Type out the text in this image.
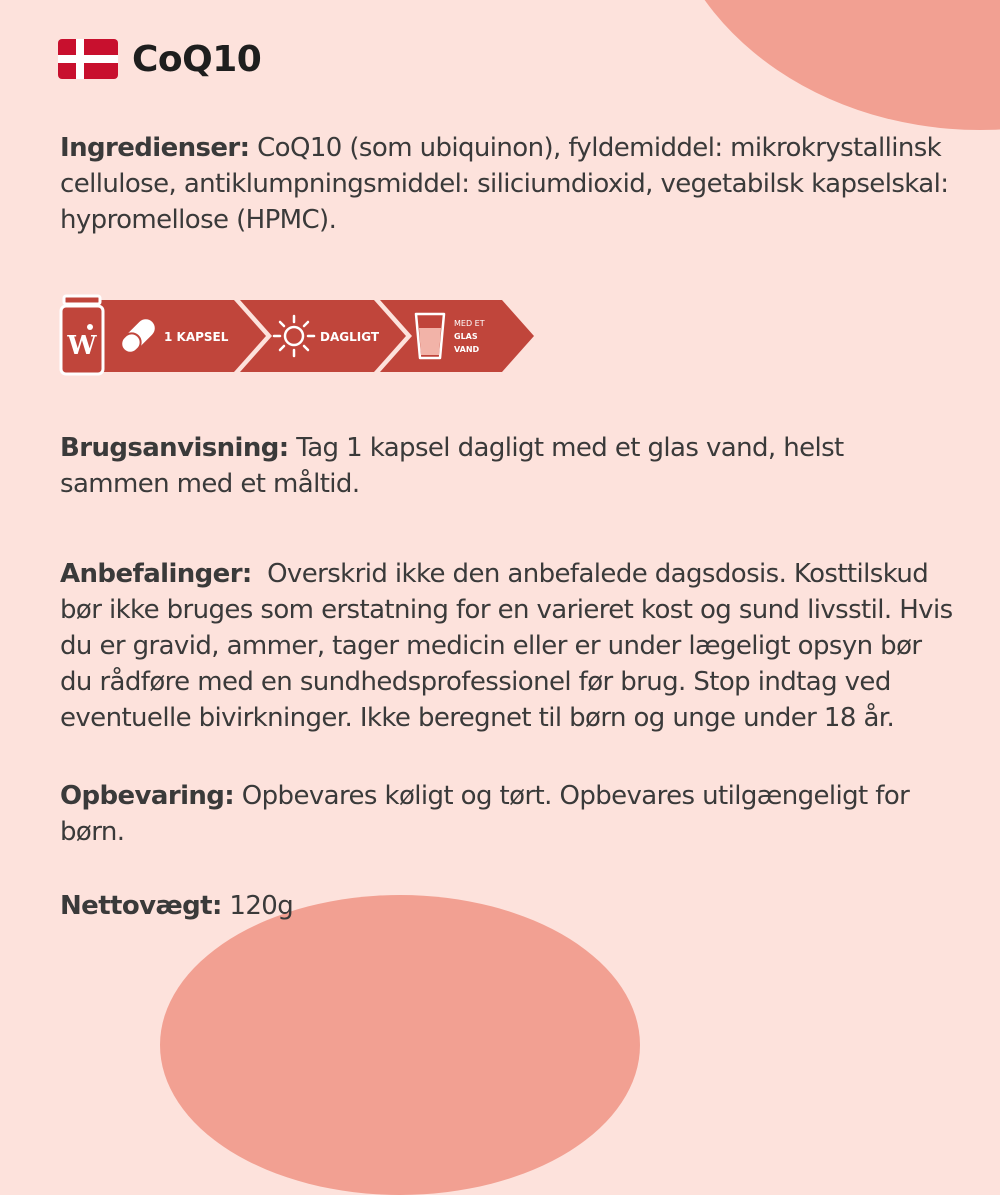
CoQ10
Ingredienser: CoQ10 (som ubiquinon), fyldemiddel: mikrokrystallinsk cellulose, antiklumpningsmiddel: siliciumdioxid, vegetabilsk kapselskal: hypromellose (HPMC).
W	1 KAPSEL	DAGLIGT
MED ET
GLAS
VAND
Brugsanvisning: Tag 1 kapsel dagligt med et glas vand, helst sammen med et måltid.
Anbefalinger:  Overskrid ikke den anbefalede dagsdosis. Kosttilskud bør ikke bruges som erstatning for en varieret kost og sund livsstil. Hvis du er gravid, ammer, tager medicin eller er under lægeligt opsyn bør du rådføre med en sundhedsprofessionel før brug. Stop indtag ved eventuelle bivirkninger. Ikke beregnet til børn og unge under 18 år.
Opbevaring: Opbevares køligt og tørt. Opbevares utilgængeligt for børn.
Nettovægt: 120g
